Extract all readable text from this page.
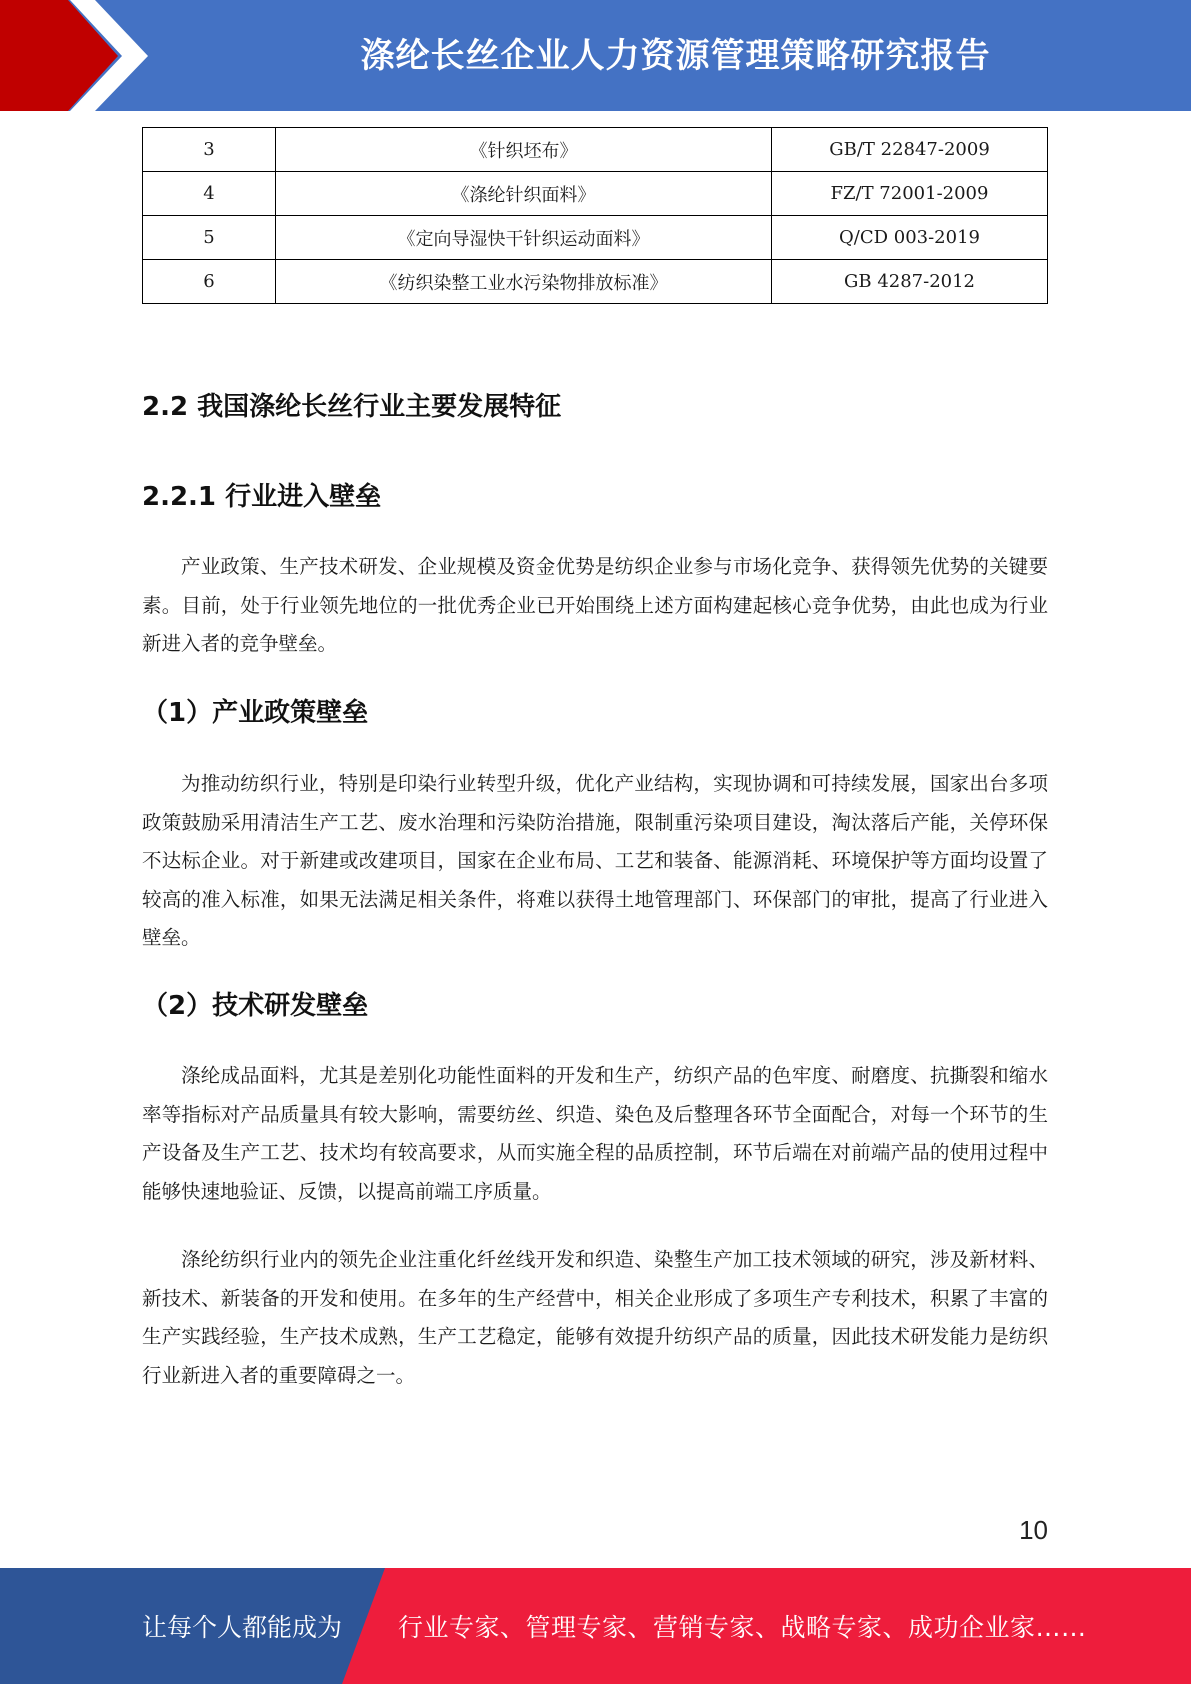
涤纶长丝企业人力资源管理策略研究报告
3	《针织坯布》	GB/T 22847-2009
4	《涤纶针织面料》	FZ/T 72001-2009
5	《定向导湿快干针织运动面料》	Q/CD 003-2019
6	《纺织染整工业水污染物排放标准》	GB 4287-2012
2.2 我国涤纶长丝行业主要发展特征
2.2.1 行业进入壁垒

产业政策、生产技术研发、企业规模及资金优势是纺织企业参与市场化竞争、获得领先优势的关键要素。目前，处于行业领先地位的一批优秀企业已开始围绕上述方面构建起核心竞争优势，由此也成为行业新进入者的竞争壁垒。

（1）产业政策壁垒

为推动纺织行业，特别是印染行业转型升级，优化产业结构，实现协调和可持续发展，国家出台多项政策鼓励采用清洁生产工艺、废水治理和污染防治措施，限制重污染项目建设，淘汰落后产能，关停环保不达标企业。对于新建或改建项目，国家在企业布局、工艺和装备、能源消耗、环境保护等方面均设置了较高的准入标准，如果无法满足相关条件，将难以获得土地管理部门、环保部门的审批，提高了行业进入壁垒。

（2）技术研发壁垒

涤纶成品面料，尤其是差别化功能性面料的开发和生产，纺织产品的色牢度、耐磨度、抗撕裂和缩水率等指标对产品质量具有较大影响，需要纺丝、织造、染色及后整理各环节全面配合，对每一个环节的生产设备及生产工艺、技术均有较高要求，从而实施全程的品质控制，环节后端在对前端产品的使用过程中能够快速地验证、反馈，以提高前端工序质量。

涤纶纺织行业内的领先企业注重化纤丝线开发和织造、染整生产加工技术领域的研究，涉及新材料、新技术、新装备的开发和使用。在多年的生产经营中，相关企业形成了多项生产专利技术，积累了丰富的生产实践经验，生产技术成熟，生产工艺稳定，能够有效提升纺织产品的质量，因此技术研发能力是纺织行业新进入者的重要障碍之一。

10
让每个人都能成为 行业专家、管理专家、营销专家、战略专家、成功企业家……
